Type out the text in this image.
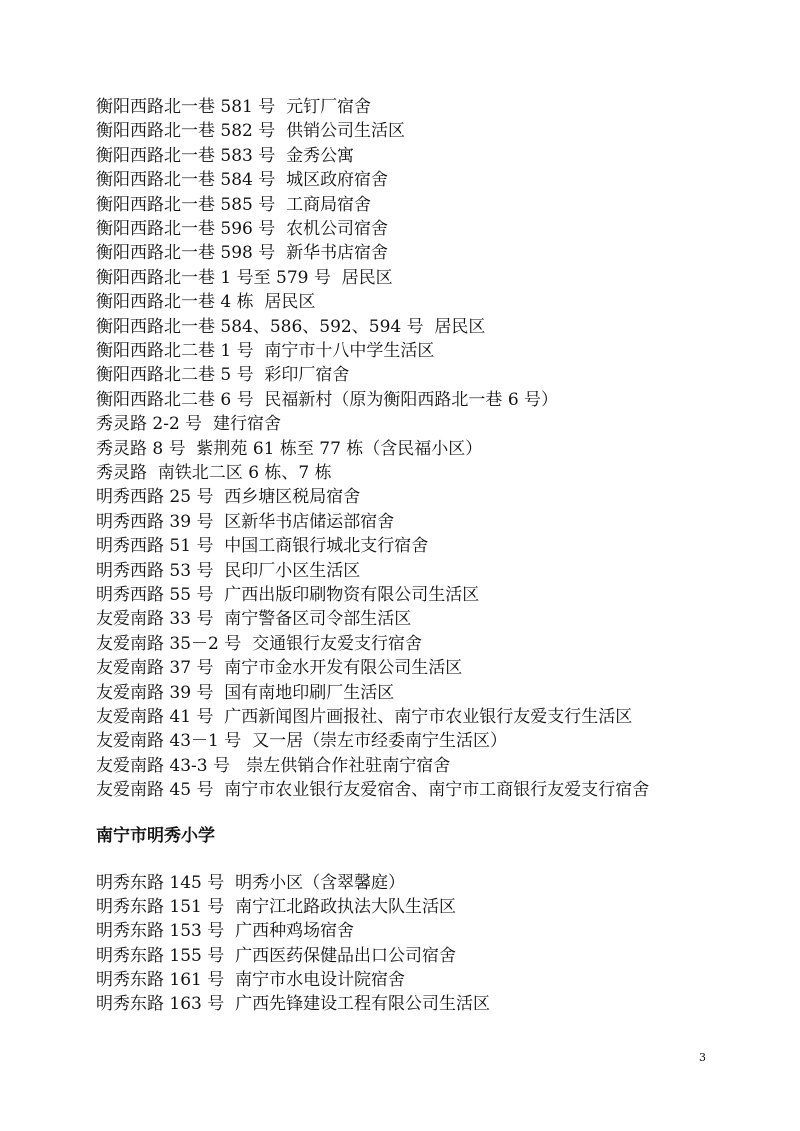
衡阳西路北一巷 581 号  元钉厂宿舍
衡阳西路北一巷 582 号  供销公司生活区
衡阳西路北一巷 583 号  金秀公寓
衡阳西路北一巷 584 号  城区政府宿舍
衡阳西路北一巷 585 号  工商局宿舍
衡阳西路北一巷 596 号  农机公司宿舍
衡阳西路北一巷 598 号  新华书店宿舍
衡阳西路北一巷 1 号至 579 号  居民区
衡阳西路北一巷 4 栋  居民区
衡阳西路北一巷 584、586、592、594 号  居民区
衡阳西路北二巷 1 号  南宁市十八中学生活区
衡阳西路北二巷 5 号  彩印厂宿舍
衡阳西路北二巷 6 号  民福新村（原为衡阳西路北一巷 6 号）
秀灵路 2-2 号  建行宿舍
秀灵路 8 号  紫荆苑 61 栋至 77 栋（含民福小区）
秀灵路  南铁北二区 6 栋、7 栋
明秀西路 25 号  西乡塘区税局宿舍
明秀西路 39 号  区新华书店储运部宿舍
明秀西路 51 号  中国工商银行城北支行宿舍
明秀西路 53 号  民印厂小区生活区
明秀西路 55 号  广西出版印刷物资有限公司生活区
友爱南路 33 号  南宁警备区司令部生活区
友爱南路 35－2 号  交通银行友爱支行宿舍
友爱南路 37 号  南宁市金水开发有限公司生活区
友爱南路 39 号  国有南地印刷厂生活区
友爱南路 41 号  广西新闻图片画报社、南宁市农业银行友爱支行生活区
友爱南路 43－1 号  又一居（崇左市经委南宁生活区）
友爱南路 43-3 号   崇左供销合作社驻南宁宿舍
友爱南路 45 号  南宁市农业银行友爱宿舍、南宁市工商银行友爱支行宿舍
南宁市明秀小学
明秀东路 145 号  明秀小区（含翠馨庭）
明秀东路 151 号  南宁江北路政执法大队生活区
明秀东路 153 号  广西种鸡场宿舍
明秀东路 155 号  广西医药保健品出口公司宿舍
明秀东路 161 号  南宁市水电设计院宿舍
明秀东路 163 号  广西先锋建设工程有限公司生活区
3
